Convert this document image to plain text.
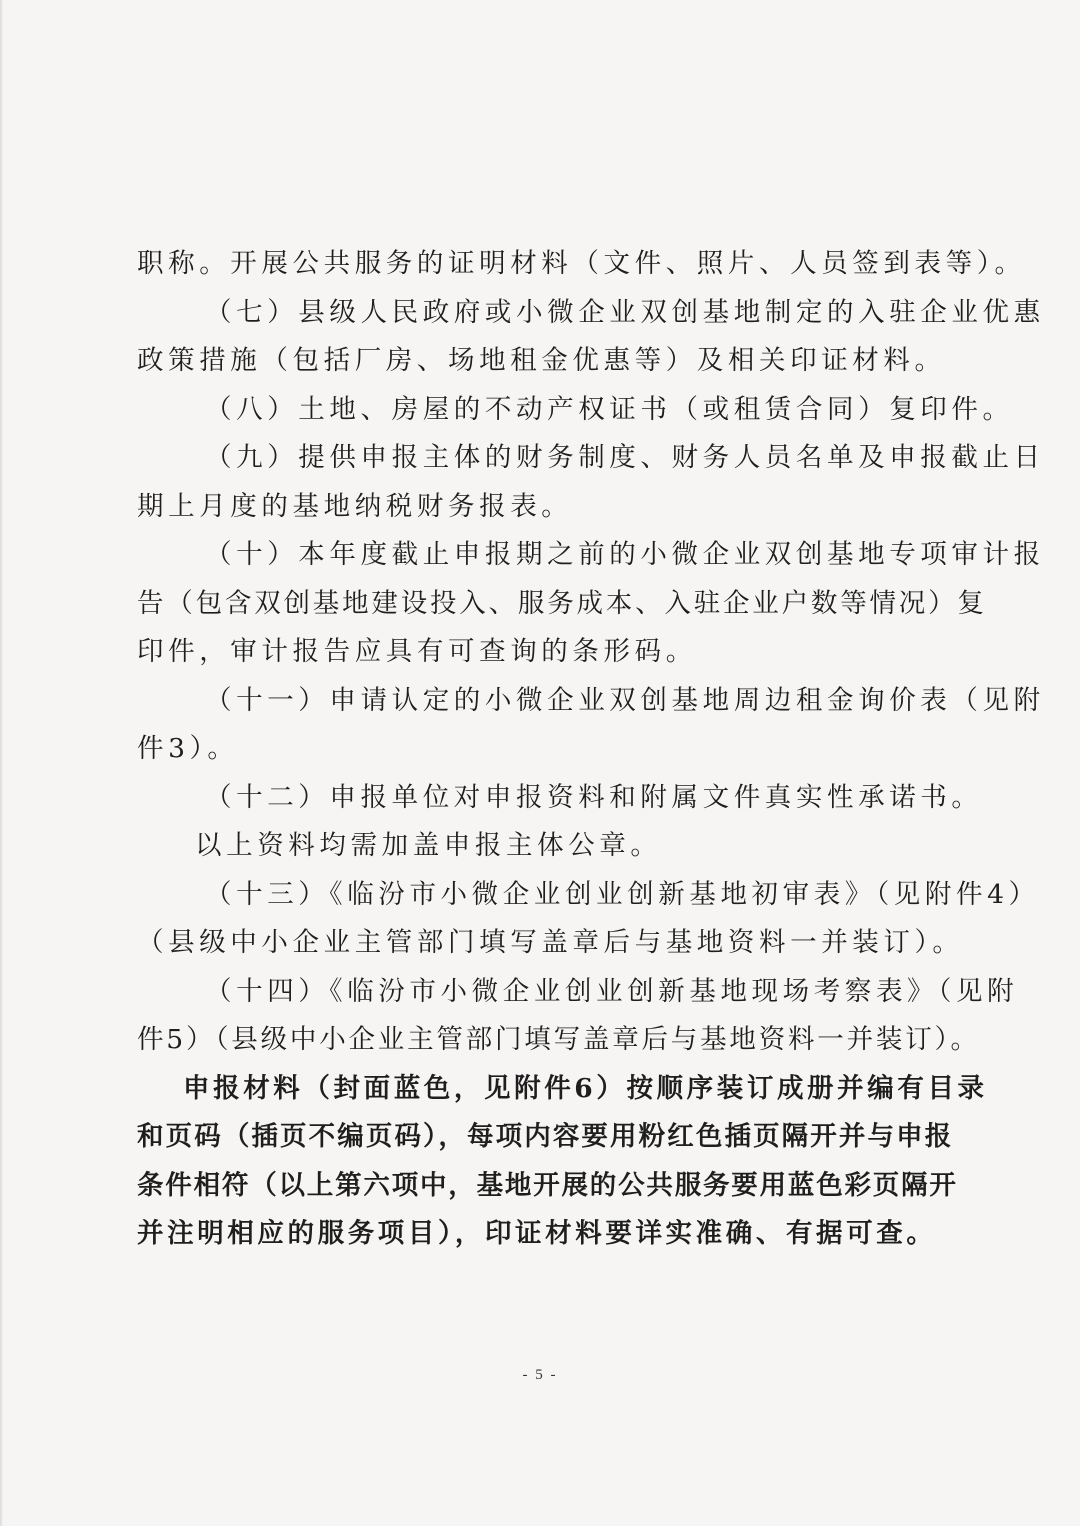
职称。开展公共服务的证明材料（文件、照片、人员签到表等）。
（七）县级人民政府或小微企业双创基地制定的入驻企业优惠
政策措施（包括厂房、场地租金优惠等）及相关印证材料。
（八）土地、房屋的不动产权证书（或租赁合同）复印件。
（九）提供申报主体的财务制度、财务人员名单及申报截止日
期上月度的基地纳税财务报表。
（十）本年度截止申报期之前的小微企业双创基地专项审计报
告（包含双创基地建设投入、服务成本、入驻企业户数等情况）复
印件，审计报告应具有可查询的条形码。
（十一）申请认定的小微企业双创基地周边租金询价表（见附
件3）。
（十二）申报单位对申报资料和附属文件真实性承诺书。
以上资料均需加盖申报主体公章。
（十三）《临汾市小微企业创业创新基地初审表》（见附件4）
（县级中小企业主管部门填写盖章后与基地资料一并装订）。
（十四）《临汾市小微企业创业创新基地现场考察表》（见附
件5）（县级中小企业主管部门填写盖章后与基地资料一并装订）。
申报材料（封面蓝色，见附件6）按顺序装订成册并编有目录
和页码（插页不编页码），每项内容要用粉红色插页隔开并与申报
条件相符（以上第六项中，基地开展的公共服务要用蓝色彩页隔开
并注明相应的服务项目），印证材料要详实准确、有据可查。
- 5 -
